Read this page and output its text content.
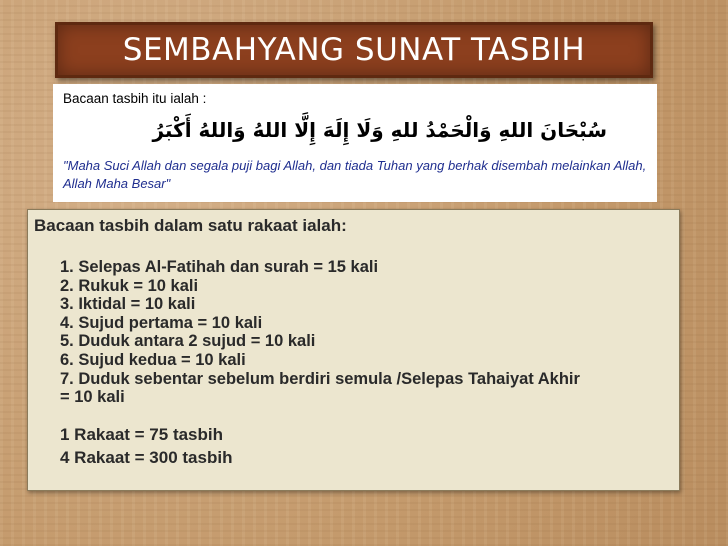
SEMBAHYANG SUNAT TASBIH
Bacaan tasbih itu ialah :
سُبْحَانَ اللهِ وَالْحَمْدُ للهِ وَلَا إِلَهَ إِلَّا اللهُ وَاللهُ أَكْبَرُ
"Maha Suci Allah dan segala puji bagi Allah, dan tiada Tuhan yang berhak disembah melainkan Allah,
Allah Maha Besar"
Bacaan tasbih dalam satu rakaat ialah:
1. Selepas Al-Fatihah dan surah = 15 kali
2. Rukuk = 10 kali
3. Iktidal = 10 kali
4. Sujud pertama = 10 kali
5. Duduk antara 2 sujud = 10 kali
6. Sujud kedua = 10 kali
7. Duduk sebentar sebelum berdiri semula /Selepas Tahaiyat Akhir
= 10 kali
1 Rakaat = 75 tasbih
4 Rakaat = 300 tasbih
